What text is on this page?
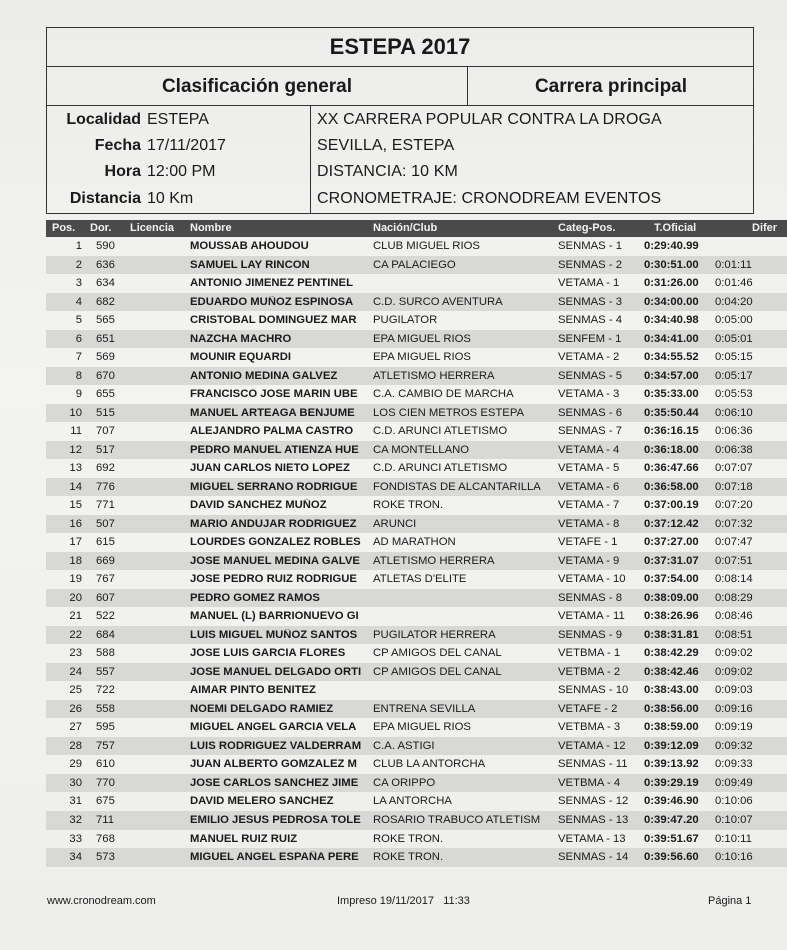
ESTEPA 2017
Clasificación general	Carrera principal
Localidad ESTEPA
Fecha 17/11/2017
Hora 12:00 PM
Distancia 10 Km
XX CARRERA POPULAR CONTRA LA DROGA
SEVILLA, ESTEPA
DISTANCIA: 10 KM
CRONOMETRAJE: CRONODREAM EVENTOS
Pos. Dor. Licencia Nombre	Nación/Club	Categ-Pos.	T.Oficial	Difer
1 590	MOUSSAB AHOUDOU	CLUB MIGUEL RIOS	SENMAS - 1 0:29:40.99
2 636	SAMUEL LAY RINCON	CA PALACIEGO	SENMAS - 2 0:30:51.00 0:01:11
3 634	ANTONIO JIMENEZ PENTINEL	VETAMA - 1 0:31:26.00 0:01:46
4 682	EDUARDO MUÑOZ ESPINOSA	C.D. SURCO AVENTURA	SENMAS - 3 0:34:00.00 0:04:20
5 565	CRISTOBAL DOMINGUEZ MAR	PUGILATOR	SENMAS - 4 0:34:40.98 0:05:00
6 651	NAZCHA MACHRO	EPA MIGUEL RIOS	SENFEM - 1 0:34:41.00 0:05:01
7 569	MOUNIR EQUARDI	EPA MIGUEL RIOS	VETAMA - 2 0:34:55.52 0:05:15
8 670	ANTONIO MEDINA GALVEZ	ATLETISMO HERRERA	SENMAS - 5 0:34:57.00 0:05:17
9 655	FRANCISCO JOSE MARIN UBE	C.A. CAMBIO DE MARCHA	VETAMA - 3 0:35:33.00 0:05:53
10 515	MANUEL ARTEAGA BENJUME	LOS CIEN METROS ESTEPA	SENMAS - 6 0:35:50.44 0:06:10
11 707	ALEJANDRO PALMA CASTRO	C.D. ARUNCI ATLETISMO	SENMAS - 7 0:36:16.15 0:06:36
12 517	PEDRO MANUEL ATIENZA HUE	CA MONTELLANO	VETAMA - 4 0:36:18.00 0:06:38
13 692	JUAN CARLOS NIETO LOPEZ	C.D. ARUNCI ATLETISMO	VETAMA - 5 0:36:47.66 0:07:07
14 776	MIGUEL SERRANO RODRIGUE	FONDISTAS DE ALCANTARILLA	VETAMA - 6 0:36:58.00 0:07:18
15 771	DAVID SANCHEZ MUÑOZ	ROKE TRON.	VETAMA - 7 0:37:00.19 0:07:20
16 507	MARIO ANDUJAR RODRIGUEZ	ARUNCI	VETAMA - 8 0:37:12.42 0:07:32
17 615	LOURDES GONZALEZ ROBLES	AD MARATHON	VETAFE - 1 0:37:27.00 0:07:47
18 669	JOSE MANUEL MEDINA GALVE	ATLETISMO HERRERA	VETAMA - 9 0:37:31.07 0:07:51
19 767	JOSE PEDRO RUIZ RODRIGUE	ATLETAS D'ELITE	VETAMA - 10 0:37:54.00 0:08:14
20 607	PEDRO GOMEZ RAMOS	SENMAS - 8 0:38:09.00 0:08:29
21 522	MANUEL (L) BARRIONUEVO GI	VETAMA - 11 0:38:26.96 0:08:46
22 684	LUIS MIGUEL MUÑOZ SANTOS	PUGILATOR HERRERA	SENMAS - 9 0:38:31.81 0:08:51
23 588	JOSE LUIS GARCIA FLORES	CP AMIGOS DEL CANAL	VETBMA - 1 0:38:42.29 0:09:02
24 557	JOSE MANUEL DELGADO ORTI	CP AMIGOS DEL CANAL	VETBMA - 2 0:38:42.46 0:09:02
25 722	AIMAR PINTO BENITEZ	SENMAS - 10 0:38:43.00 0:09:03
26 558	NOEMI DELGADO RAMIEZ	ENTRENA SEVILLA	VETAFE - 2 0:38:56.00 0:09:16
27 595	MIGUEL ANGEL GARCIA VELA	EPA MIGUEL RIOS	VETBMA - 3 0:38:59.00 0:09:19
28 757	LUIS RODRIGUEZ VALDERRAM	C.A. ASTIGI	VETAMA - 12 0:39:12.09 0:09:32
29 610	JUAN ALBERTO GOMZALEZ M	CLUB LA ANTORCHA	SENMAS - 11 0:39:13.92 0:09:33
30 770	JOSE CARLOS SANCHEZ JIME	CA ORIPPO	VETBMA - 4 0:39:29.19 0:09:49
31 675	DAVID MELERO SANCHEZ	LA ANTORCHA	SENMAS - 12 0:39:46.90 0:10:06
32 711	EMILIO JESUS PEDROSA TOLE	ROSARIO TRABUCO ATLETISM	SENMAS - 13 0:39:47.20 0:10:07
33 768	MANUEL RUIZ RUIZ	ROKE TRON.	VETAMA - 13 0:39:51.67 0:10:11
34 573	MIGUEL ANGEL ESPAÑA PERE	ROKE TRON.	SENMAS - 14 0:39:56.60 0:10:16
www.cronodream.com	Impreso 19/11/2017   11:33	Página 1
